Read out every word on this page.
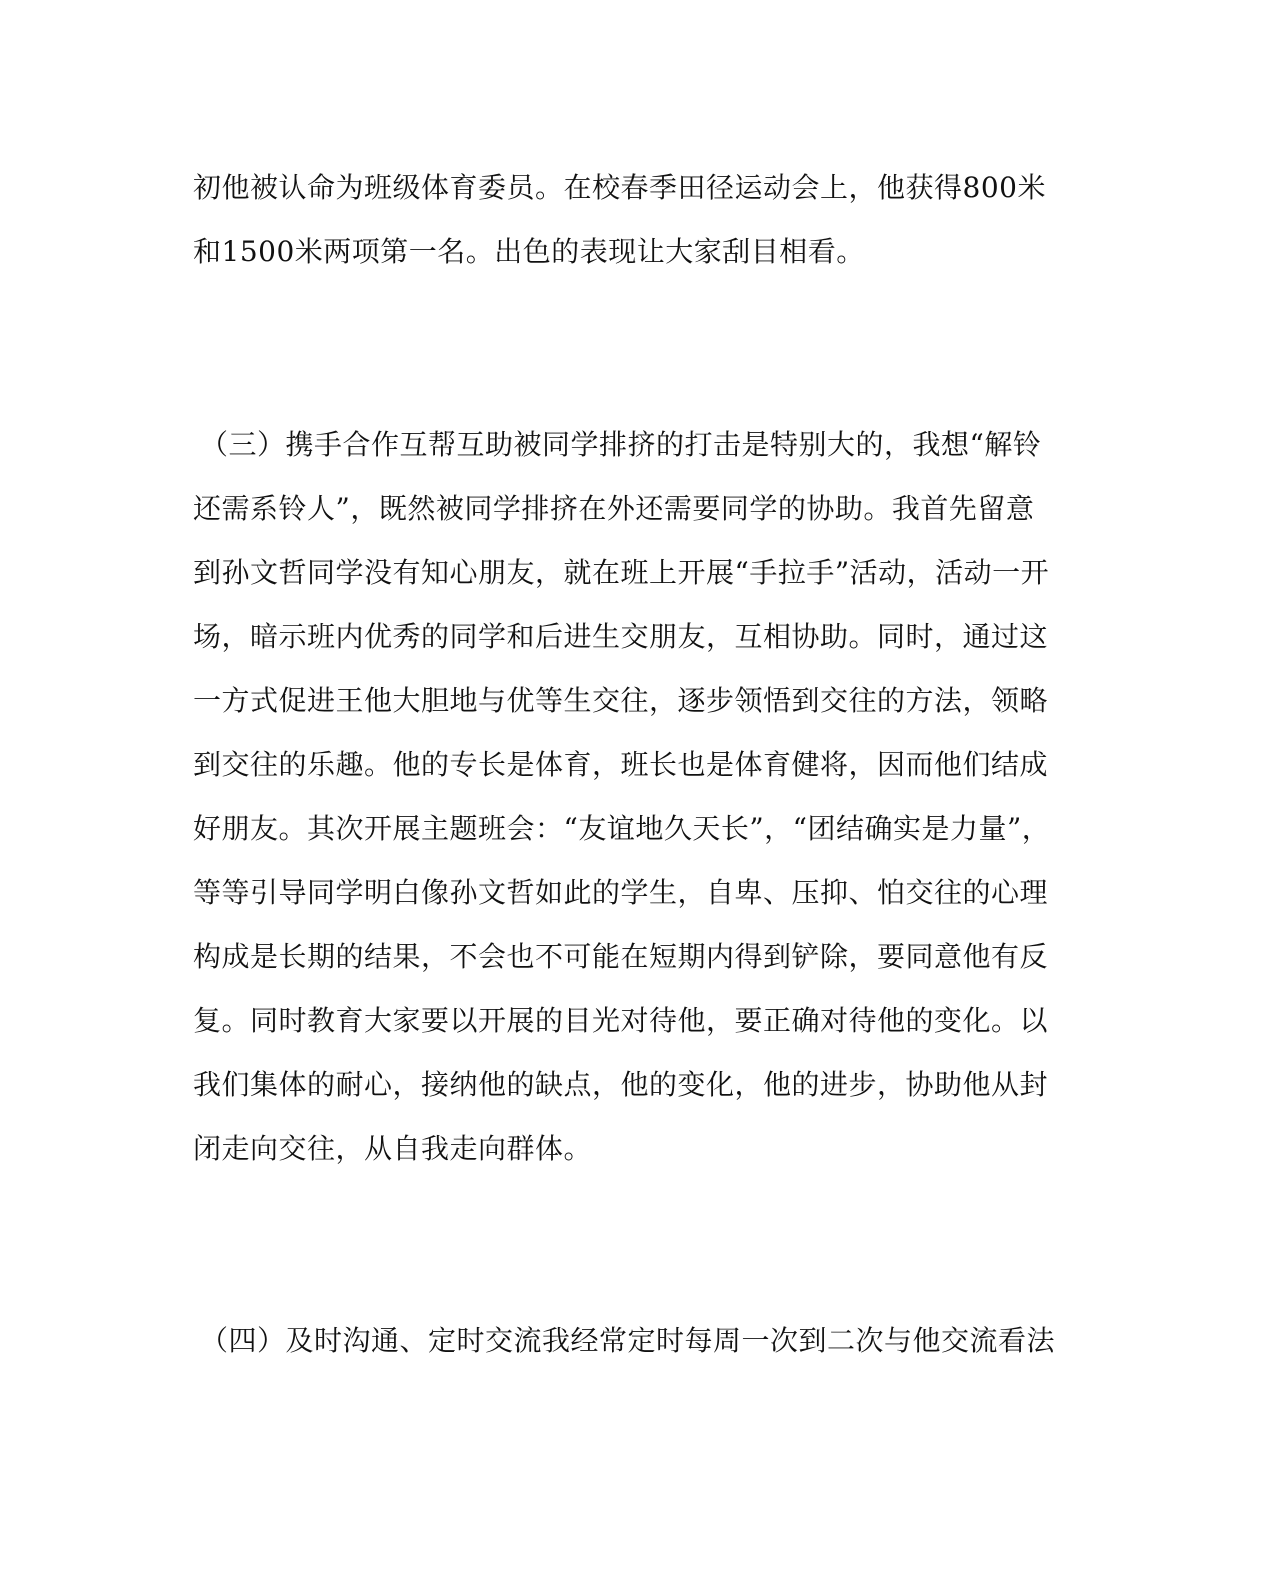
初他被认命为班级体育委员。在校春季田径运动会上，他获得800米
和1500米两项第一名。出色的表现让大家刮目相看。
（三）携手合作互帮互助被同学排挤的打击是特别大的，我想“解铃
还需系铃人”，既然被同学排挤在外还需要同学的协助。我首先留意
到孙文哲同学没有知心朋友，就在班上开展“手拉手”活动，活动一开
场，暗示班内优秀的同学和后进生交朋友，互相协助。同时，通过这
一方式促进王他大胆地与优等生交往，逐步领悟到交往的方法，领略
到交往的乐趣。他的专长是体育，班长也是体育健将，因而他们结成
好朋友。其次开展主题班会：“友谊地久天长”，“团结确实是力量”，
等等引导同学明白像孙文哲如此的学生，自卑、压抑、怕交往的心理
构成是长期的结果，不会也不可能在短期内得到铲除，要同意他有反
复。同时教育大家要以开展的目光对待他，要正确对待他的变化。以
我们集体的耐心，接纳他的缺点，他的变化，他的进步，协助他从封
闭走向交往，从自我走向群体。
（四）及时沟通、定时交流我经常定时每周一次到二次与他交流看法
